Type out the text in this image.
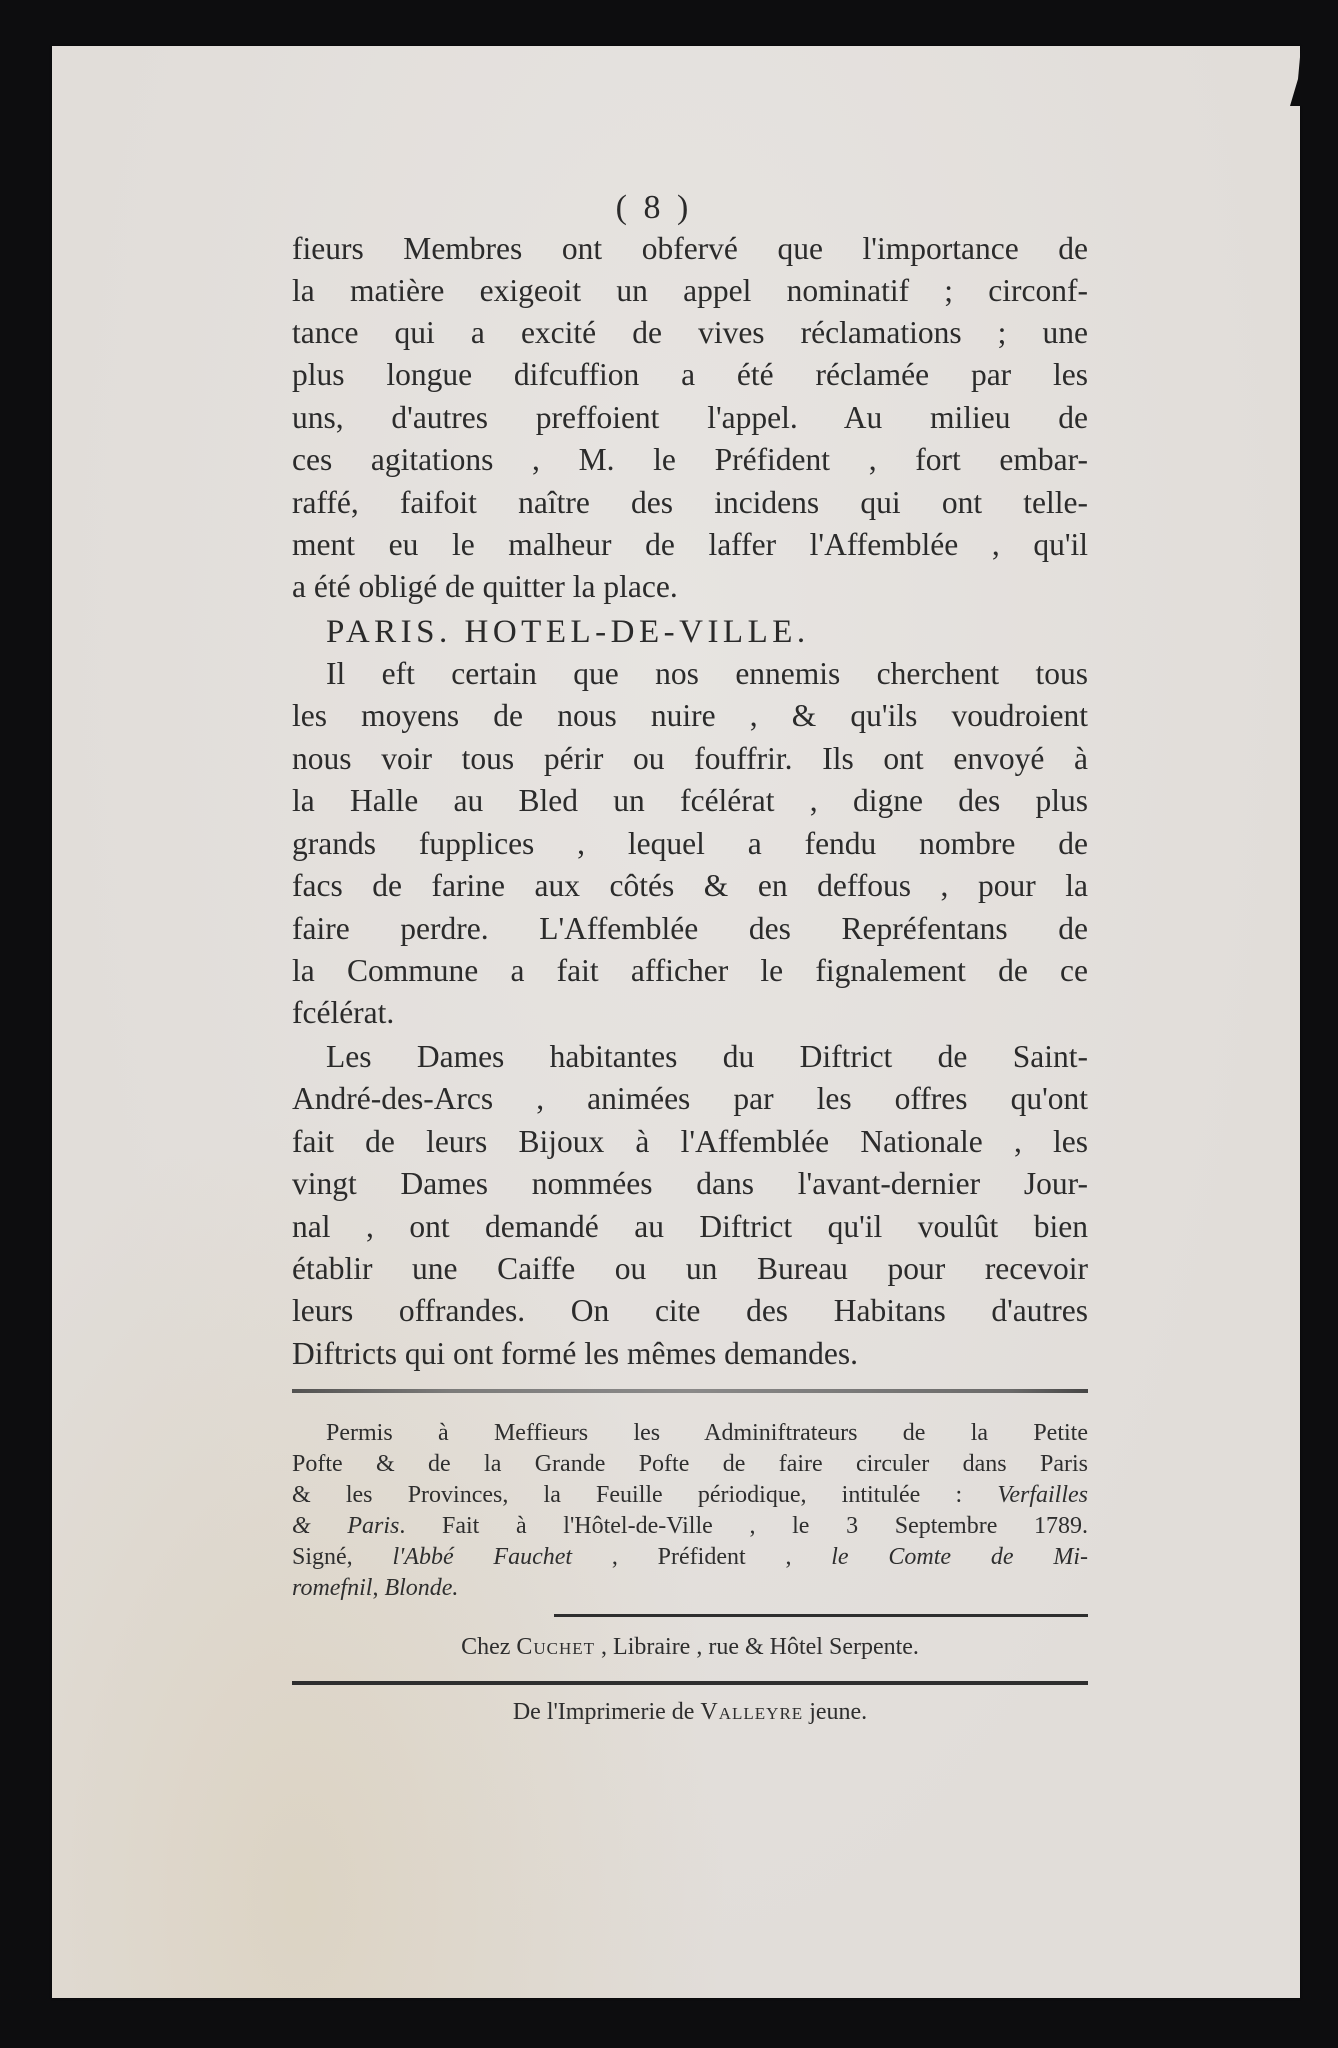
( 8 )
fieurs Membres ont obfervé que l'importance de
la matière exigeoit un appel nominatif ; circonf-
tance qui a excité de vives réclamations ; une
plus longue difcuffion a été réclamée par les
uns, d'autres preffoient l'appel. Au milieu de
ces agitations , M. le Préfident , fort embar-
raffé, faifoit naître des incidens qui ont telle-
ment eu le malheur de laffer l'Affemblée , qu'il
a été obligé de quitter la place.
PARIS. HOTEL-DE-VILLE.
Il eft certain que nos ennemis cherchent tous
les moyens de nous nuire , & qu'ils voudroient
nous voir tous périr ou fouffrir. Ils ont envoyé à
la Halle au Bled un fcélérat , digne des plus
grands fupplices , lequel a fendu nombre de
facs de farine aux côtés & en deffous , pour la
faire perdre. L'Affemblée des Repréfentans de
la Commune a fait afficher le fignalement de ce
fcélérat.
Les Dames habitantes du Diftrict de Saint-
André-des-Arcs , animées par les offres qu'ont
fait de leurs Bijoux à l'Affemblée Nationale , les
vingt Dames nommées dans l'avant-dernier Jour-
nal , ont demandé au Diftrict qu'il voulût bien
établir une Caiffe ou un Bureau pour recevoir
leurs offrandes. On cite des Habitans d'autres
Diftricts qui ont formé les mêmes demandes.
Permis à Meffieurs les Adminiftrateurs de la Petite
Pofte & de la Grande Pofte de faire circuler dans Paris
& les Provinces, la Feuille périodique, intitulée : Verfailles
& Paris. Fait à l'Hôtel-de-Ville , le 3 Septembre 1789.
Signé, l'Abbé Fauchet , Préfident , le Comte de Mi-
romefnil, Blonde.
Chez Cuchet , Libraire , rue & Hôtel Serpente.
De l'Imprimerie de Valleyre jeune.
